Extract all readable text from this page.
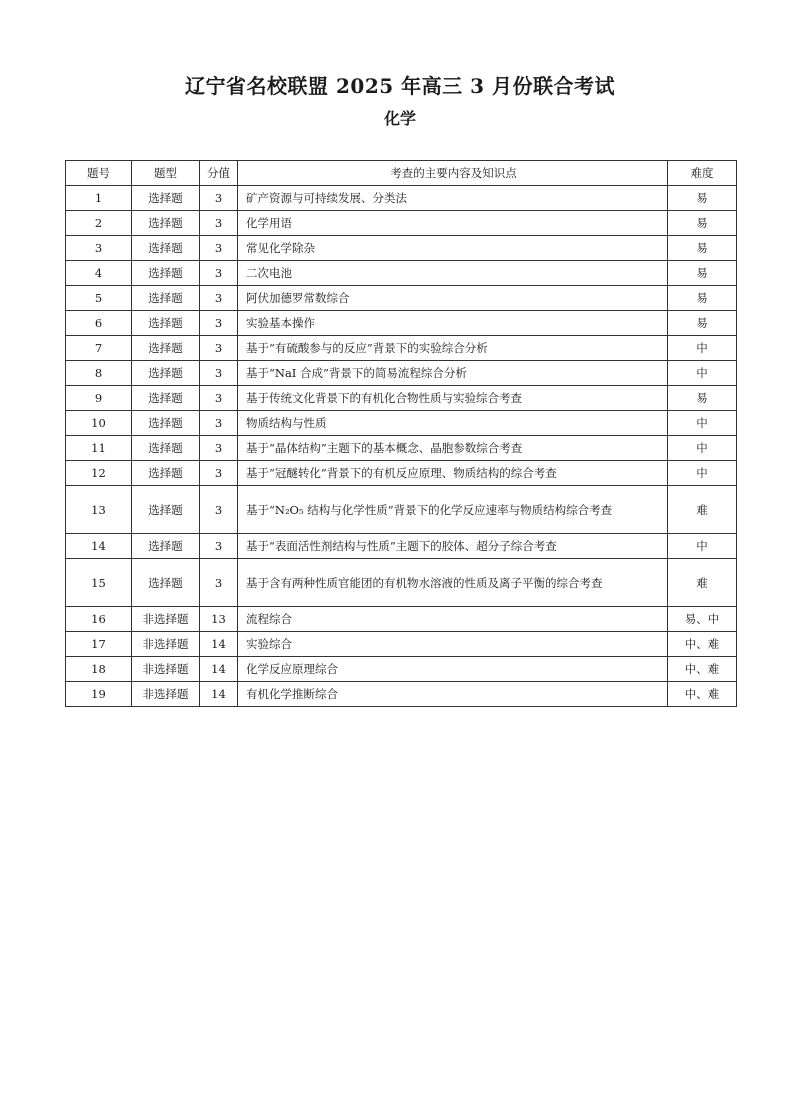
辽宁省名校联盟 2025 年高三 3 月份联合考试
化学
题号	题型	分值	考查的主要内容及知识点	难度
1	选择题	3	矿产资源与可持续发展、分类法	易
2	选择题	3	化学用语	易
3	选择题	3	常见化学除杂	易
4	选择题	3	二次电池	易
5	选择题	3	阿伏加德罗常数综合	易
6	选择题	3	实验基本操作	易
7	选择题	3	基于“有硫酸参与的反应”背景下的实验综合分析	中
8	选择题	3	基于“NaI 合成”背景下的简易流程综合分析	中
9	选择题	3	基于传统文化背景下的有机化合物性质与实验综合考查	易
10	选择题	3	物质结构与性质	中
11	选择题	3	基于“晶体结构”主题下的基本概念、晶胞参数综合考查	中
12	选择题	3	基于“冠醚转化”背景下的有机反应原理、物质结构的综合考查	中
13	选择题	3	基于“N₂O₅ 结构与化学性质”背景下的化学反应速率与物质结构综合考查	难
14	选择题	3	基于“表面活性剂结构与性质”主题下的胶体、超分子综合考查	中
15	选择题	3	基于含有两种性质官能团的有机物水溶液的性质及离子平衡的综合考查	难
16	非选择题	13	流程综合	易、中
17	非选择题	14	实验综合	中、难
18	非选择题	14	化学反应原理综合	中、难
19	非选择题	14	有机化学推断综合	中、难
